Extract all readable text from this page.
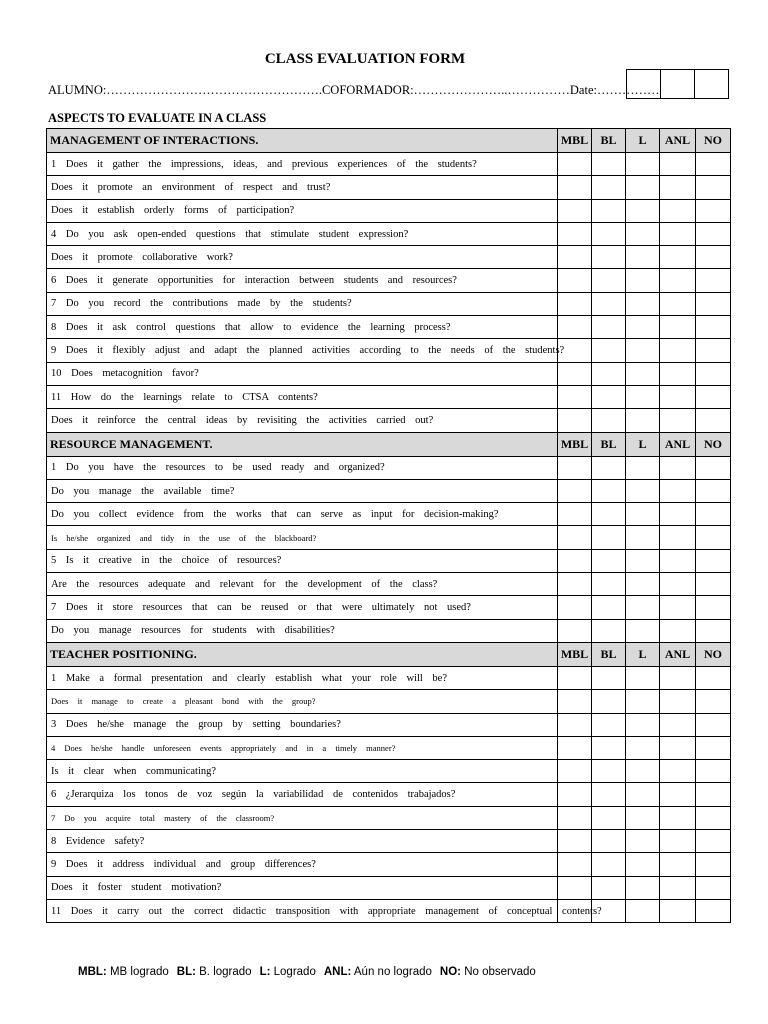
CLASS EVALUATION FORM
ALUMNO:…………………………………………….COFORMADOR:…………………..……………Date:……………
ASPECTS TO EVALUATE IN A CLASS
MANAGEMENT OF INTERACTIONS.	MBL	BL	L	ANL	NO
1 Does it gather the impressions, ideas, and previous experiences of the students?					
Does it promote an environment of respect and trust?					
Does it establish orderly forms of participation?					
4 Do you ask open-ended questions that stimulate student expression?					
Does it promote collaborative work?					
6 Does it generate opportunities for interaction between students and resources?					
7 Do you record the contributions made by the students?					
8 Does it ask control questions that allow to evidence the learning process?					
9 Does it flexibly adjust and adapt the planned activities according to the needs of the students?					
10 Does metacognition favor?					
11 How do the learnings relate to CTSA contents?					
Does it reinforce the central ideas by revisiting the activities carried out?					
RESOURCE MANAGEMENT.	MBL	BL	L	ANL	NO
1 Do you have the resources to be used ready and organized?					
Do you manage the available time?					
Do you collect evidence from the works that can serve as input for decision-making?					
Is he/she organized and tidy in the use of the blackboard?					
5 Is it creative in the choice of resources?					
Are the resources adequate and relevant for the development of the class?					
7 Does it store resources that can be reused or that were ultimately not used?					
Do you manage resources for students with disabilities?					
TEACHER POSITIONING.	MBL	BL	L	ANL	NO
1 Make a formal presentation and clearly establish what your role will be?					
Does it manage to create a pleasant bond with the group?					
3 Does he/she manage the group by setting boundaries?					
4 Does he/she handle unforeseen events appropriately and in a timely manner?					
Is it clear when communicating?					
6 ¿Jerarquiza los tonos de voz según la variabilidad de contenidos trabajados?					
7 Do you acquire total mastery of the classroom?					
8 Evidence safety?					
9 Does it address individual and group differences?					
Does it foster student motivation?					
11 Does it carry out the correct didactic transposition with appropriate management of conceptual contents?					
MBL: MB logrado BL: B. logrado L: Logrado ANL: Aún no logrado NO: No observado
